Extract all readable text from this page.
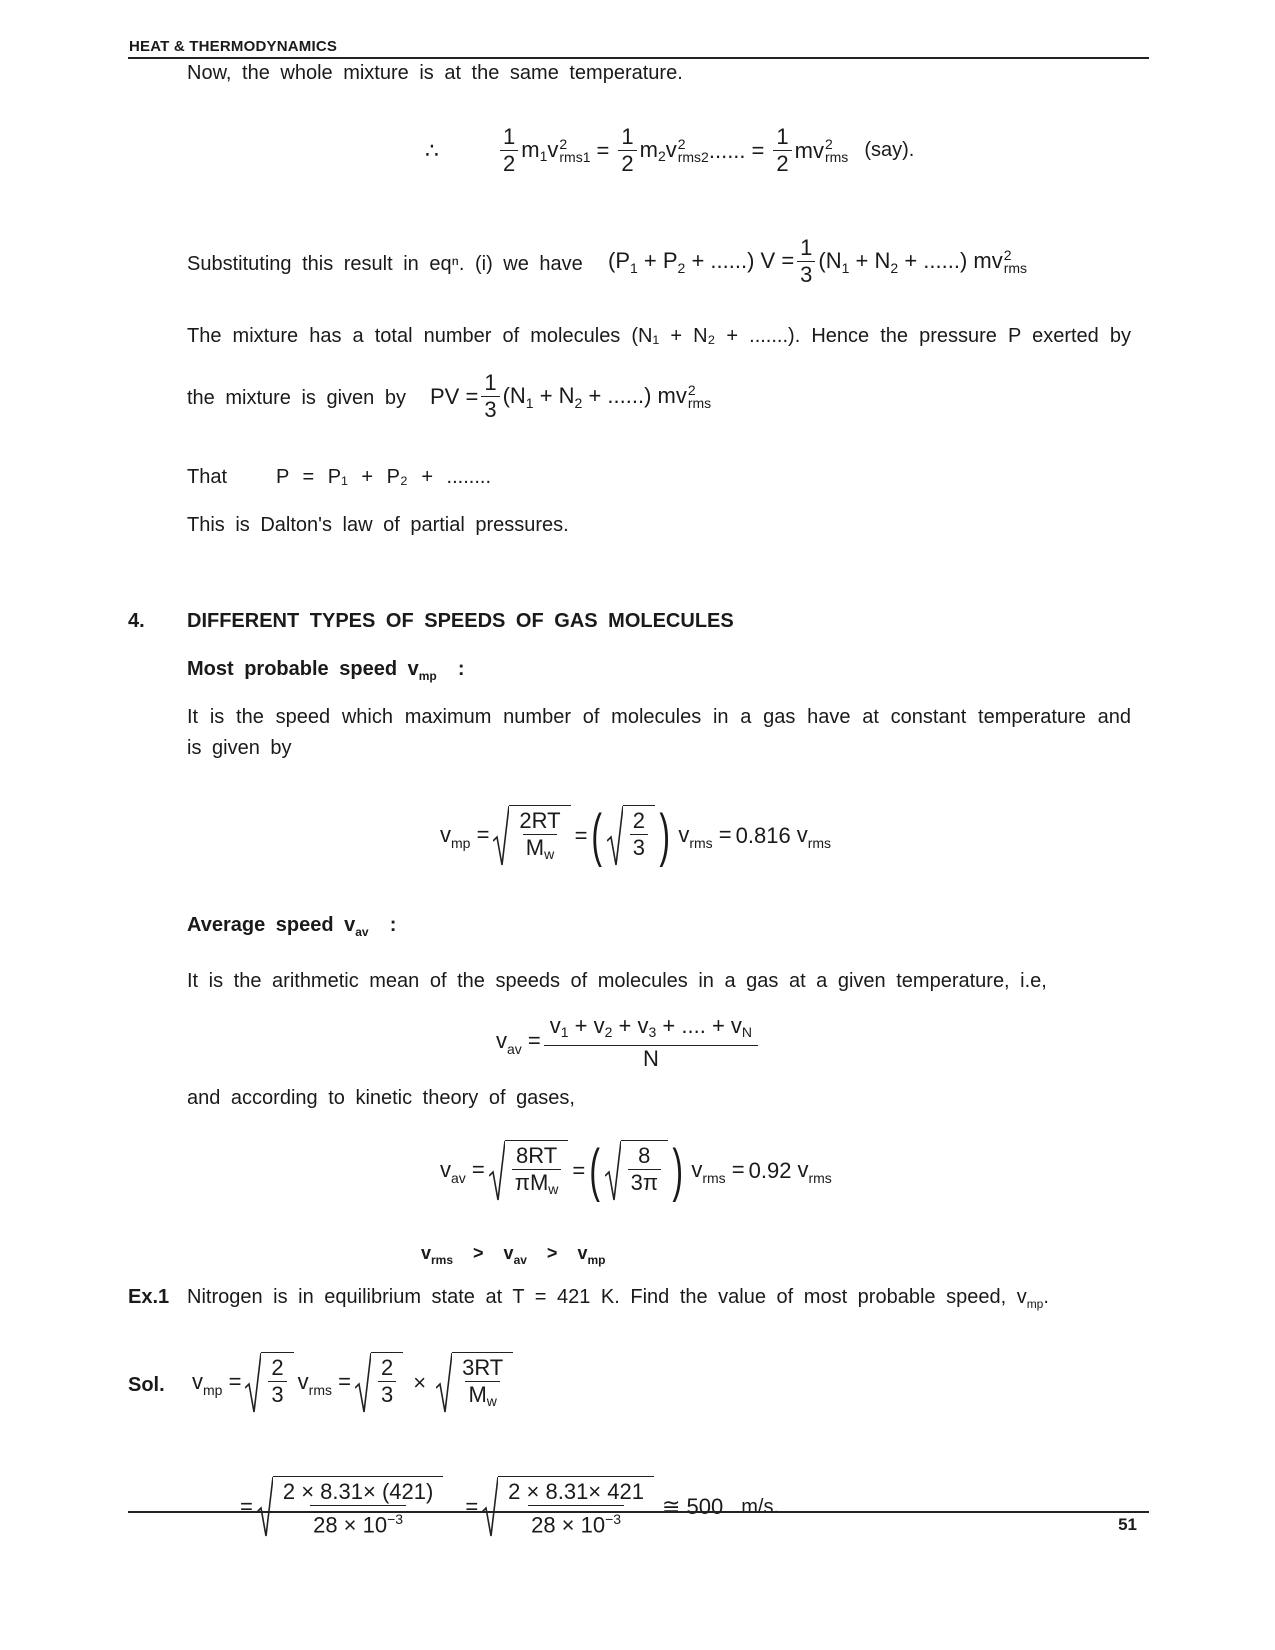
HEAT & THERMODYNAMICS
Now, the whole mixture is at the same temperature.
∴	$\frac{1}{2} m1v$ 2
$rms1 = \frac{1}{2} m2v$ 2
rms2 ...... = $\frac{1}{2}$ mv 2
rms (say).
Substituting this result in eqⁿ. (i) we have ($P_1 + P_2$ + ......) $V = \frac{1}{3} (N_1 + N_2$ + ......) mv 2
rms
The mixture has a total number of molecules (N₁ + N₂ + .......). Hence the pressure P exerted by
the mixture is given by PV = $\frac{1}{3} (N_1 + N_2$ + ......) mv 2
rms
That P = P₁ + P₂ + ........
This is Dalton's law of partial pressures.
4. DIFFERENT TYPES OF SPEEDS OF GAS MOLECULES
Most probable speed $v_{mp}$ :
It is the speed which maximum number of molecules in a gas have at constant temperature and
is given by
$v_{mp} = \frac{2RT}{Mw}$ = ( $\frac{2}{3}$ ) $v_{rms} = 0.816$ $v_{rms}$
Average speed $v_{av}$ :
It is the arithmetic mean of the speeds of molecules in a gas at a given temperature, i.e,
$v_{av} = \frac{v1 + v2 + v3 + .... + vN}{N}$
and according to kinetic theory of gases,
$v_{av} = \frac{8RT}{\text{πMw}}$ = ( $\frac{8}{3\pi}$ ) $v_{rms} = 0.92$ $v_{rms}$
$v_{rms} > v_{av} > v_{mp}$
Ex.1 Nitrogen is in equilibrium state at T = 421 K. Find the value of most probable speed, $v_{mp}$.
Sol. $v_{mp} = \frac{2}{3} v_{rms} = \frac{2}{3} \times \frac{3RT}{Mw}$
= $\frac{2 \times 8.31\times (421)}{28 \times 10^{-3}} = \frac{2 \times 8.31\times 421}{28 \times 10^{-3}}$ ≅ 500 m/s.
51
